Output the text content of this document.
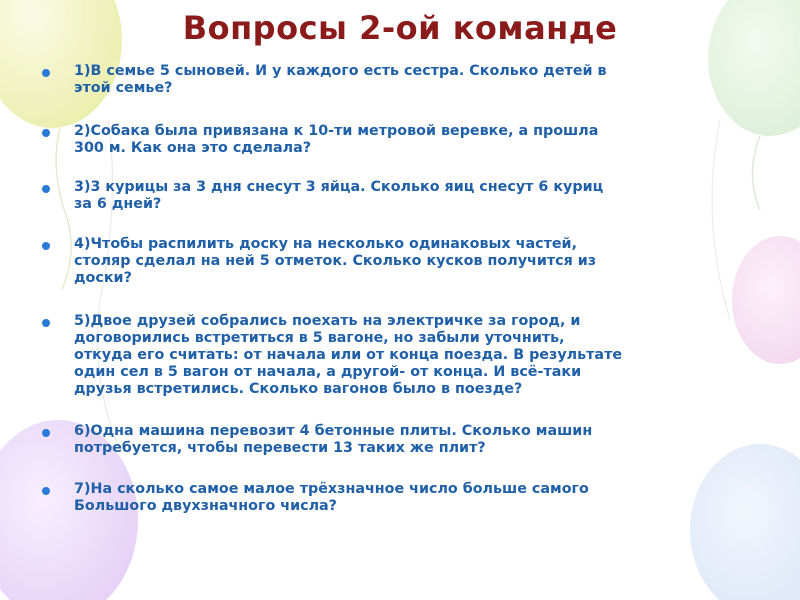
Вопросы 2-ой команде
1)В семье 5 сыновей. И у каждого есть сестра. Сколько детей в
этой семье?
2)Собака была привязана к 10-ти метровой веревке, а прошла
300 м. Как она это сделала?
3)3 курицы за 3 дня снесут 3 яйца. Сколько яиц снесут 6 куриц
за 6 дней?
4)Чтобы распилить доску на несколько одинаковых частей,
столяр сделал на ней 5 отметок. Сколько кусков получится из
доски?
5)Двое друзей собрались поехать на электричке за город, и
договорились встретиться в 5 вагоне, но забыли уточнить,
откуда его считать: от начала или от конца поезда. В результате
один сел в 5 вагон от начала, а другой- от конца. И всё-таки
друзья встретились. Сколько вагонов было в поезде?
6)Одна машина перевозит 4 бетонные плиты. Сколько машин
потребуется, чтобы перевести 13 таких же плит?
7)На сколько самое малое трёхзначное число больше самого
Большого двухзначного числа?
